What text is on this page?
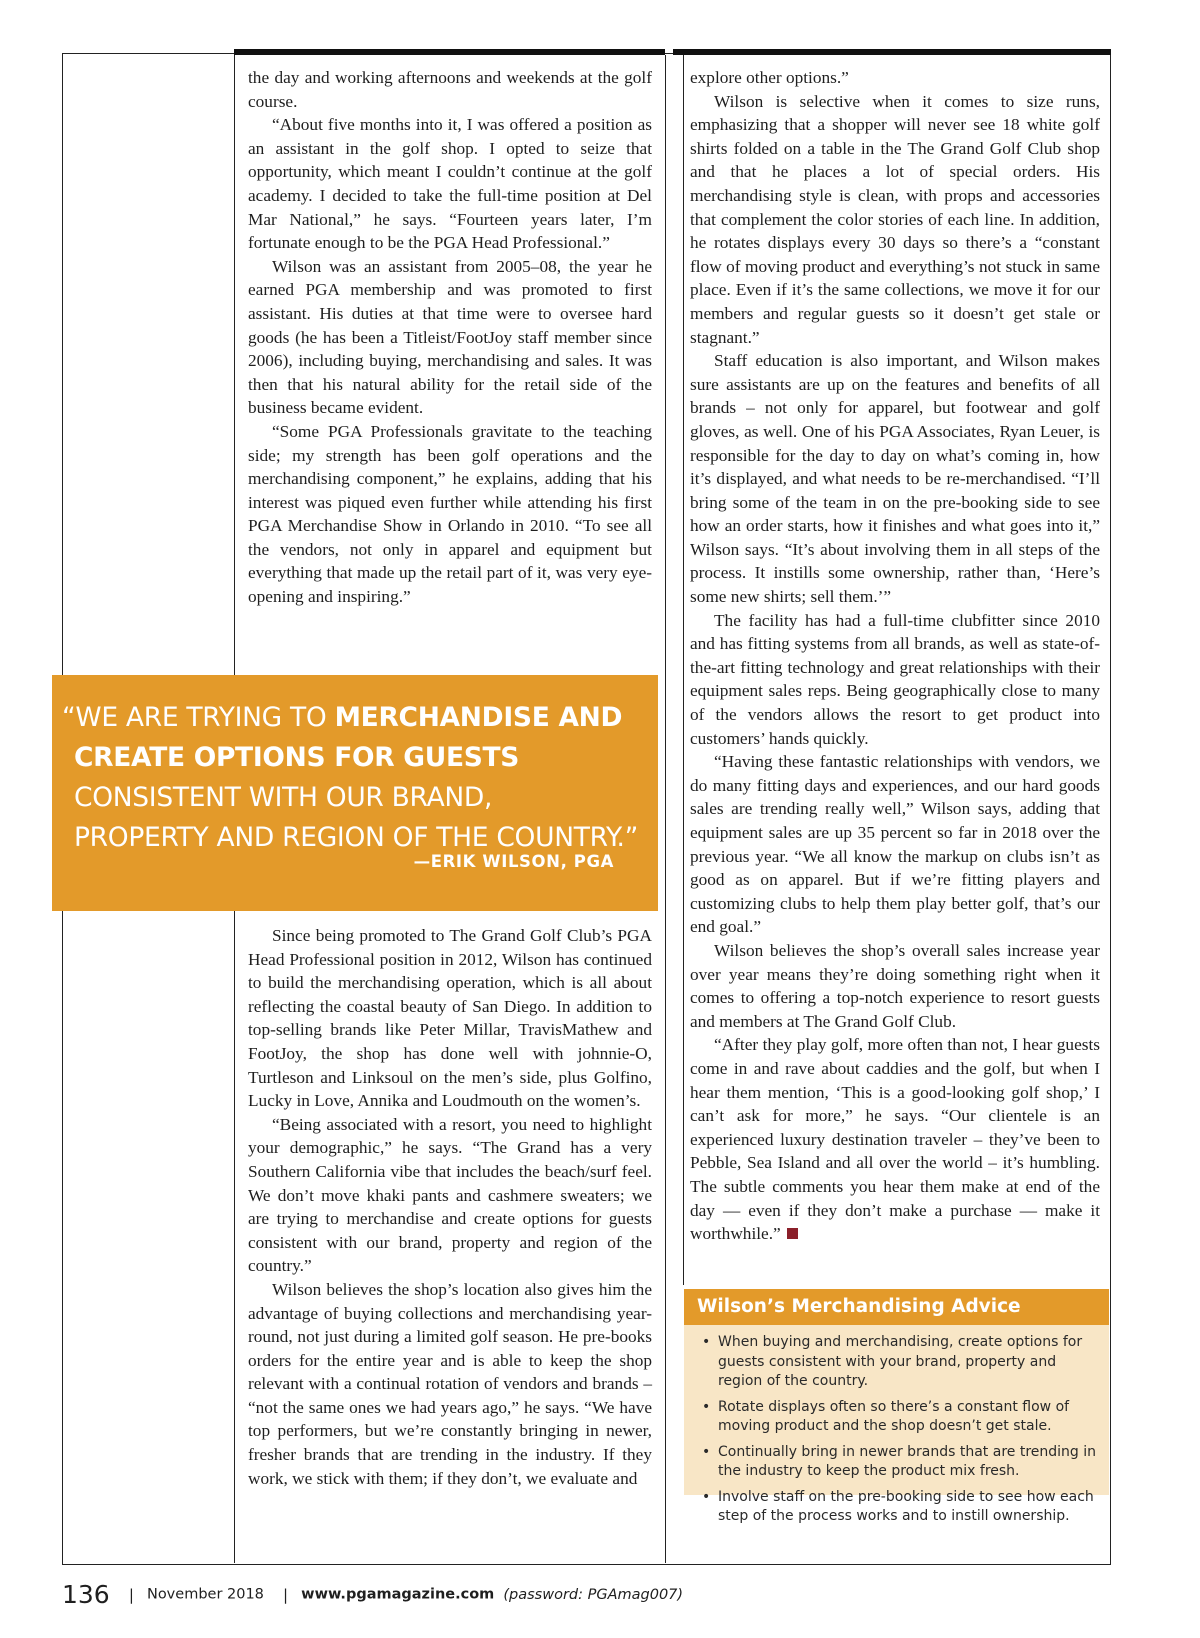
the day and working afternoons and weekends at the golf course.

“About five months into it, I was offered a position as an assistant in the golf shop. I opted to seize that opportunity, which meant I couldn’t continue at the golf academy. I decided to take the full-time position at Del Mar National,” he says. “Fourteen years later, I’m fortunate enough to be the PGA Head Professional.”

Wilson was an assistant from 2005–08, the year he earned PGA membership and was promoted to first assistant. His duties at that time were to oversee hard goods (he has been a Titleist/FootJoy staff member since 2006), including buying, merchandising and sales. It was then that his natural ability for the retail side of the business became evident.

“Some PGA Professionals gravitate to the teaching side; my strength has been golf operations and the merchandising component,” he explains, adding that his interest was piqued even further while attending his first PGA Merchandise Show in Orlando in 2010. “To see all the vendors, not only in apparel and equipment but everything that made up the retail part of it, was very eye-opening and inspiring.”

“WE ARE TRYING TO MERCHANDISE AND
CREATE OPTIONS FOR GUESTS
CONSISTENT WITH OUR BRAND,
PROPERTY AND REGION OF THE COUNTRY.”
—ERIK WILSON, PGA

Since being promoted to The Grand Golf Club’s PGA Head Professional position in 2012, Wilson has continued to build the merchandising operation, which is all about reflecting the coastal beauty of San Diego. In addition to top-selling brands like Peter Millar, TravisMathew and FootJoy, the shop has done well with johnnie-O, Turtleson and Linksoul on the men’s side, plus Golfino, Lucky in Love, Annika and Loudmouth on the women’s.

“Being associated with a resort, you need to highlight your demographic,” he says. “The Grand has a very Southern California vibe that includes the beach/surf feel. We don’t move khaki pants and cashmere sweaters; we are trying to merchandise and create options for guests consistent with our brand, property and region of the country.”

Wilson believes the shop’s location also gives him the advantage of buying collections and merchandising year-round, not just during a limited golf season. He pre-books orders for the entire year and is able to keep the shop relevant with a continual rotation of vendors and brands – “not the same ones we had years ago,” he says. “We have top performers, but we’re constantly bringing in newer, fresher brands that are trending in the industry. If they work, we stick with them; if they don’t, we evaluate and

explore other options.”

Wilson is selective when it comes to size runs, emphasizing that a shopper will never see 18 white golf shirts folded on a table in the The Grand Golf Club shop and that he places a lot of special orders. His merchandising style is clean, with props and accessories that complement the color stories of each line. In addition, he rotates displays every 30 days so there’s a “constant flow of moving product and everything’s not stuck in same place. Even if it’s the same collections, we move it for our members and regular guests so it doesn’t get stale or stagnant.”

Staff education is also important, and Wilson makes sure assistants are up on the features and benefits of all brands – not only for apparel, but footwear and golf gloves, as well. One of his PGA Associates, Ryan Leuer, is responsible for the day to day on what’s coming in, how it’s displayed, and what needs to be re-merchandised. “I’ll bring some of the team in on the pre-booking side to see how an order starts, how it finishes and what goes into it,” Wilson says. “It’s about involving them in all steps of the process. It instills some ownership, rather than, ‘Here’s some new shirts; sell them.’”

The facility has had a full-time clubfitter since 2010 and has fitting systems from all brands, as well as state-of-the-art fitting technology and great relationships with their equipment sales reps. Being geographically close to many of the vendors allows the resort to get product into customers’ hands quickly.

“Having these fantastic relationships with vendors, we do many fitting days and experiences, and our hard goods sales are trending really well,” Wilson says, adding that equipment sales are up 35 percent so far in 2018 over the previous year. “We all know the markup on clubs isn’t as good as on apparel. But if we’re fitting players and customizing clubs to help them play better golf, that’s our end goal.”

Wilson believes the shop’s overall sales increase year over year means they’re doing something right when it comes to offering a top-notch experience to resort guests and members at The Grand Golf Club.

“After they play golf, more often than not, I hear guests come in and rave about caddies and the golf, but when I hear them mention, ‘This is a good-looking golf shop,’ I can’t ask for more,” he says. “Our clientele is an experienced luxury destination traveler – they’ve been to Pebble, Sea Island and all over the world – it’s humbling. The subtle comments you hear them make at end of the day — even if they don’t make a purchase — make it worthwhile.”

Wilson’s Merchandising Advice
• When buying and merchandising, create options for guests consistent with your brand, property and region of the country.
• Rotate displays often so there’s a constant flow of moving product and the shop doesn’t get stale.
• Continually bring in newer brands that are trending in the industry to keep the product mix fresh.
• Involve staff on the pre-booking side to see how each step of the process works and to instill ownership.
136 | November 2018 | www.pgamagazine.com (password: PGAmag007)
